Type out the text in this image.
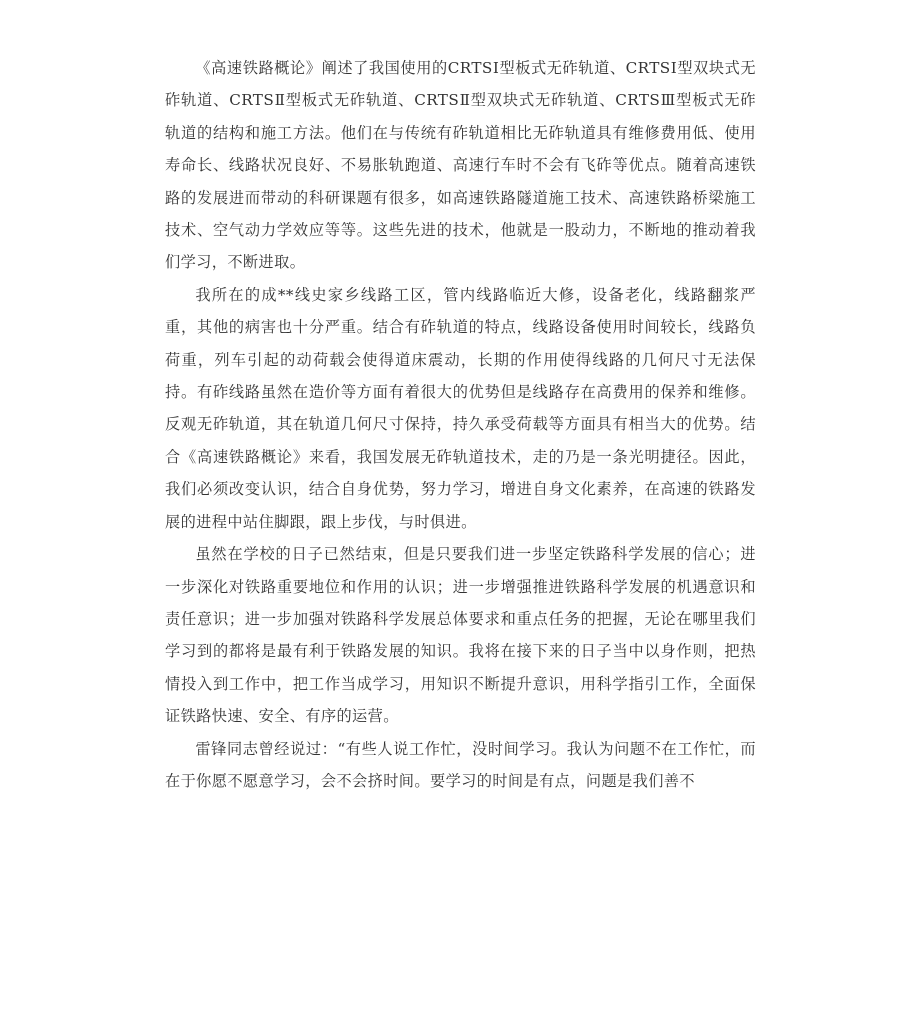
《高速铁路概论》阐述了我国使用的CRTSⅠ型板式无砟轨道、CRTSⅠ型双块式无砟轨道、CRTSⅡ型板式无砟轨道、CRTSⅡ型双块式无砟轨道、CRTSⅢ型板式无砟轨道的结构和施工方法。他们在与传统有砟轨道相比无砟轨道具有维修费用低、使用寿命长、线路状况良好、不易胀轨跑道、高速行车时不会有飞砟等优点。随着高速铁路的发展进而带动的科研课题有很多，如高速铁路隧道施工技术、高速铁路桥梁施工技术、空气动力学效应等等。这些先进的技术，他就是一股动力，不断地的推动着我们学习，不断进取。

我所在的成**线史家乡线路工区，管内线路临近大修，设备老化，线路翻浆严重，其他的病害也十分严重。结合有砟轨道的特点，线路设备使用时间较长，线路负荷重，列车引起的动荷载会使得道床震动，长期的作用使得线路的几何尺寸无法保持。有砟线路虽然在造价等方面有着很大的优势但是线路存在高费用的保养和维修。反观无砟轨道，其在轨道几何尺寸保持，持久承受荷载等方面具有相当大的优势。结合《高速铁路概论》来看，我国发展无砟轨道技术，走的乃是一条光明捷径。因此，我们必须改变认识，结合自身优势，努力学习，增进自身文化素养，在高速的铁路发展的进程中站住脚跟，跟上步伐，与时俱进。

虽然在学校的日子已然结束，但是只要我们进一步坚定铁路科学发展的信心；进一步深化对铁路重要地位和作用的认识；进一步增强推进铁路科学发展的机遇意识和责任意识；进一步加强对铁路科学发展总体要求和重点任务的把握，无论在哪里我们学习到的都将是最有利于铁路发展的知识。我将在接下来的日子当中以身作则，把热情投入到工作中，把工作当成学习，用知识不断提升意识，用科学指引工作，全面保证铁路快速、安全、有序的运营。

雷锋同志曾经说过：“有些人说工作忙，没时间学习。我认为问题不在工作忙，而在于你愿不愿意学习，会不会挤时间。要学习的时间是有点，问题是我们善不
